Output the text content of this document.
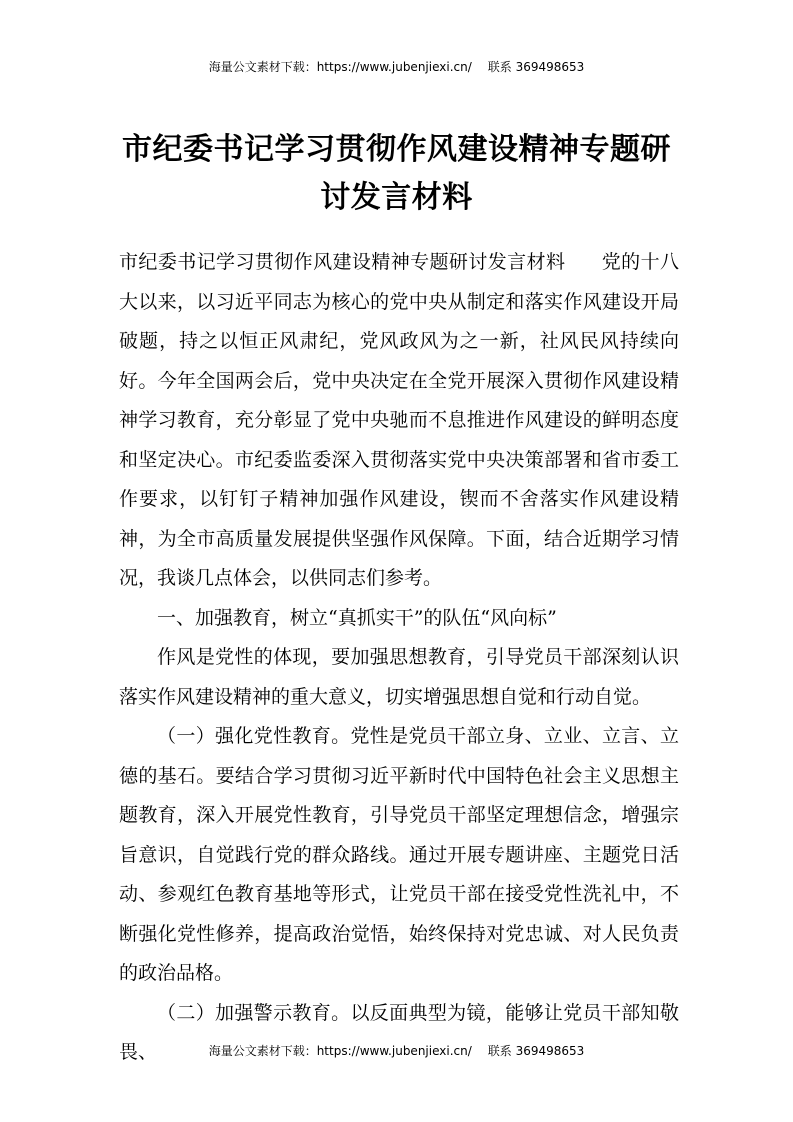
海量公文素材下载：https://www.jubenjiexi.cn/ 联系 369498653
市纪委书记学习贯彻作风建设精神专题研
讨发言材料

市纪委书记学习贯彻作风建设精神专题研讨发言材料 党的十八大以来，以习近平同志为核心的党中央从制定和落实作风建设开局破题，持之以恒正风肃纪，党风政风为之一新，社风民风持续向好。今年全国两会后，党中央决定在全党开展深入贯彻作风建设精神学习教育，充分彰显了党中央驰而不息推进作风建设的鲜明态度和坚定决心。市纪委监委深入贯彻落实党中央决策部署和省市委工作要求，以钉钉子精神加强作风建设，锲而不舍落实作风建设精神，为全市高质量发展提供坚强作风保障。下面，结合近期学习情况，我谈几点体会，以供同志们参考。

一、加强教育，树立“真抓实干”的队伍“风向标”

作风是党性的体现，要加强思想教育，引导党员干部深刻认识落实作风建设精神的重大意义，切实增强思想自觉和行动自觉。

（一）强化党性教育。党性是党员干部立身、立业、立言、立德的基石。要结合学习贯彻习近平新时代中国特色社会主义思想主题教育，深入开展党性教育，引导党员干部坚定理想信念，增强宗旨意识，自觉践行党的群众路线。通过开展专题讲座、主题党日活动、参观红色教育基地等形式，让党员干部在接受党性洗礼中，不断强化党性修养，提高政治觉悟，始终保持对党忠诚、对人民负责的政治品格。

（二）加强警示教育。以反面典型为镜，能够让党员干部知敬畏、	海量公文素材下载：https://www.jubenjiexi.cn/ 联系 369498653
